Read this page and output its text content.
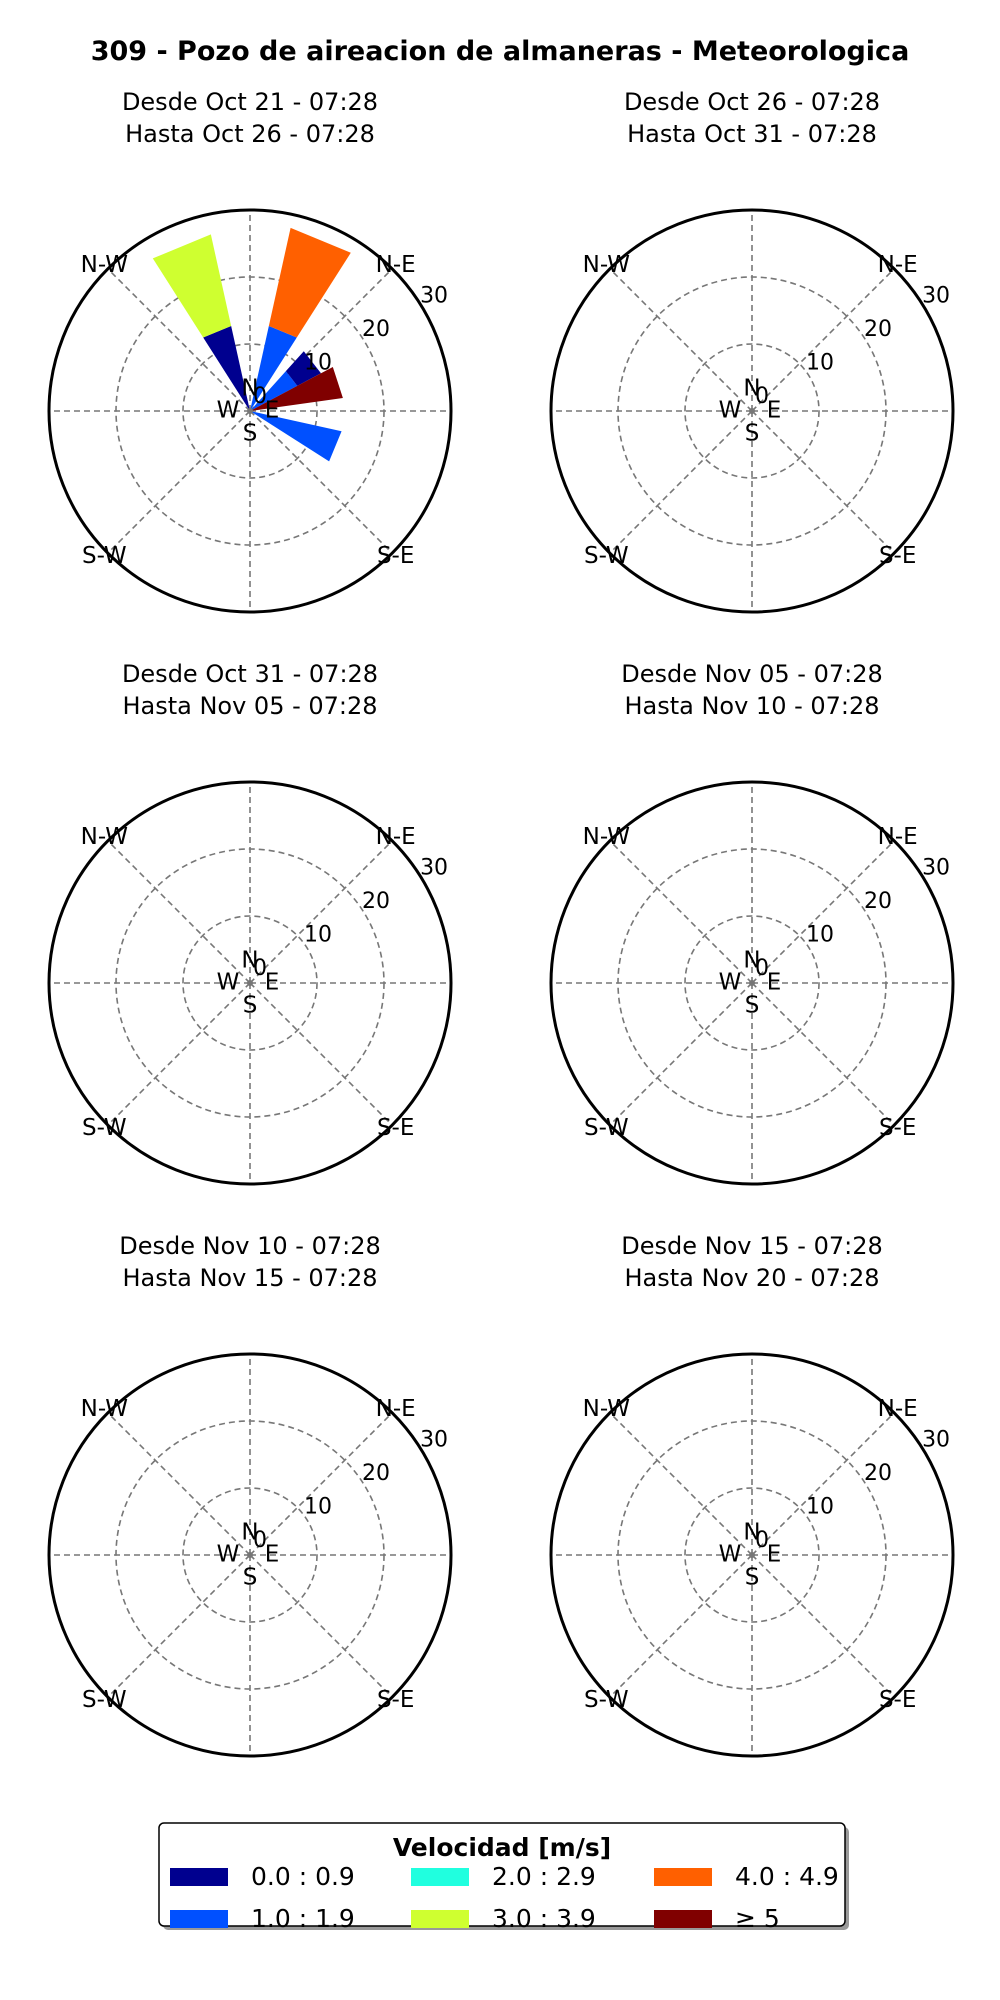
309 - Pozo de aireacion de almaneras - Meteorologica
Desde Oct 21 - 07:28
Hasta Oct 26 - 07:28
0
10
20
30
N
N-E
E
S-E
S
S-W
W
N-W
Desde Oct 26 - 07:28
Hasta Oct 31 - 07:28
0
10
20
30
N
N-E
E
S-E
S
S-W
W
N-W
Desde Oct 31 - 07:28
Hasta Nov 05 - 07:28
0
10
20
30
N
N-E
E
S-E
S
S-W
W
N-W
Desde Nov 05 - 07:28
Hasta Nov 10 - 07:28
0
10
20
30
N
N-E
E
S-E
S
S-W
W
N-W
Desde Nov 10 - 07:28
Hasta Nov 15 - 07:28
0
10
20
30
N
N-E
E
S-E
S
S-W
W
N-W
Desde Nov 15 - 07:28
Hasta Nov 20 - 07:28
0
10
20
30
N
N-E
E
S-E
S
S-W
W
N-W
Velocidad [m/s]
0.0 : 0.9
1.0 : 1.9
2.0 : 2.9
3.0 : 3.9
4.0 : 4.9
≥ 5
